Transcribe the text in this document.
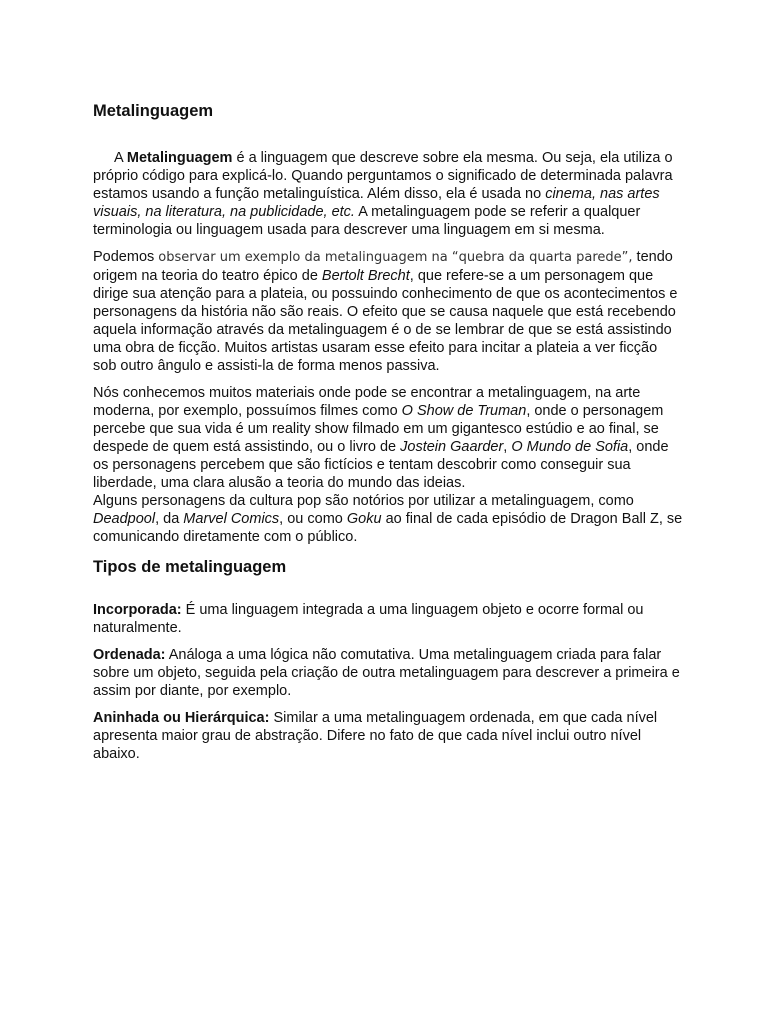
Metalinguagem

A Metalinguagem é a linguagem que descreve sobre ela mesma. Ou seja, ela utiliza o próprio código para explicá-lo. Quando perguntamos o significado de determinada palavra estamos usando a função metalinguística. Além disso, ela é usada no cinema, nas artes visuais, na literatura, na publicidade, etc. A metalinguagem pode se referir a qualquer terminologia ou linguagem usada para descrever uma linguagem em si mesma.

Podemos observar um exemplo da metalinguagem na “quebra da quarta parede”, tendo origem na teoria do teatro épico de Bertolt Brecht, que refere-se a um personagem que dirige sua atenção para a plateia, ou possuindo conhecimento de que os acontecimentos e personagens da história não são reais. O efeito que se causa naquele que está recebendo aquela informação através da metalinguagem é o de se lembrar de que se está assistindo uma obra de ficção. Muitos artistas usaram esse efeito para incitar a plateia a ver ficção sob outro ângulo e assisti-la de forma menos passiva.

Nós conhecemos muitos materiais onde pode se encontrar a metalinguagem, na arte moderna, por exemplo, possuímos filmes como O Show de Truman, onde o personagem percebe que sua vida é um reality show filmado em um gigantesco estúdio e ao final, se despede de quem está assistindo, ou o livro de Jostein Gaarder, O Mundo de Sofia, onde os personagens percebem que são fictícios e tentam descobrir como conseguir sua liberdade, uma clara alusão a teoria do mundo das ideias.

Alguns personagens da cultura pop são notórios por utilizar a metalinguagem, como Deadpool, da Marvel Comics, ou como Goku ao final de cada episódio de Dragon Ball Z, se comunicando diretamente com o público.

Tipos de metalinguagem

Incorporada: É uma linguagem integrada a uma linguagem objeto e ocorre formal ou naturalmente.

Ordenada: Análoga a uma lógica não comutativa. Uma metalinguagem criada para falar sobre um objeto, seguida pela criação de outra metalinguagem para descrever a primeira e assim por diante, por exemplo.

Aninhada ou Hierárquica: Similar a uma metalinguagem ordenada, em que cada nível apresenta maior grau de abstração. Difere no fato de que cada nível inclui outro nível abaixo.
